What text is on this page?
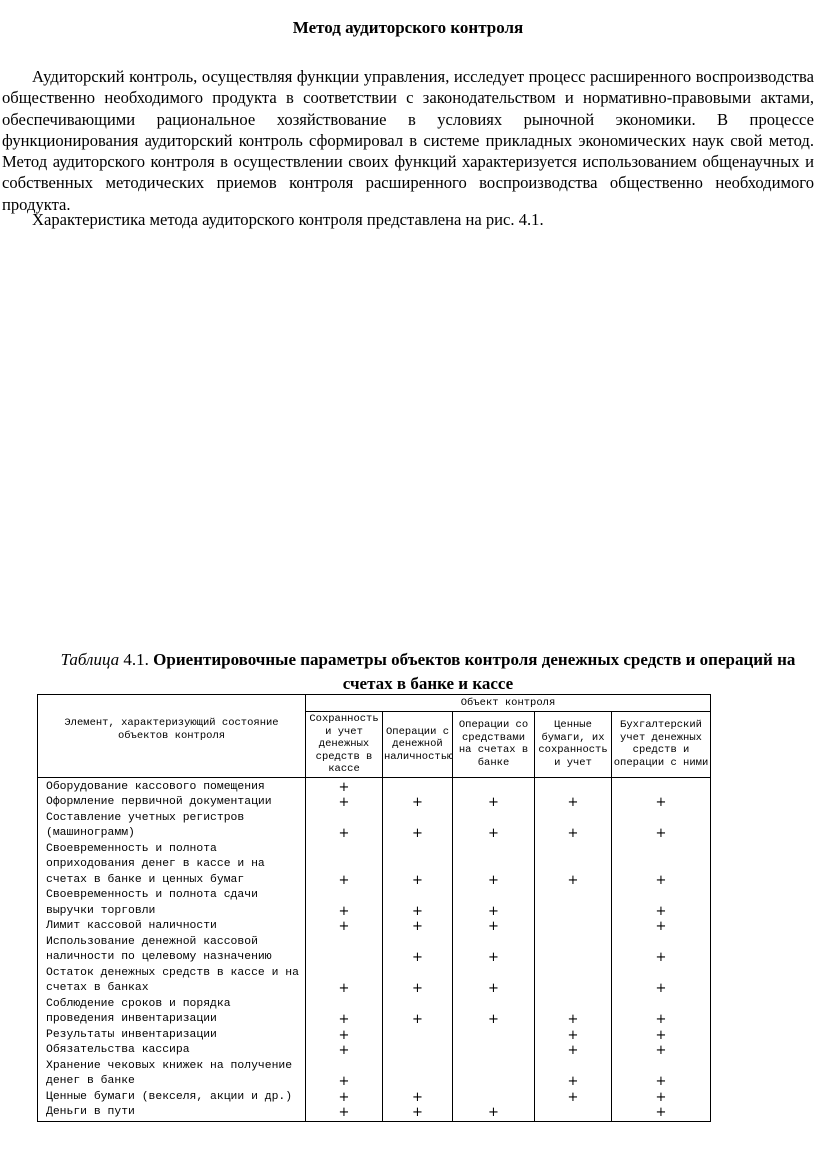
Метод аудиторского контроля

Аудиторский контроль, осуществляя функции управления, исследует процесс расширенного воспроизводства общественно необходимого продукта в соответствии с законодательством и нормативно-правовыми актами, обеспечивающими рациональное хозяйствование в условиях рыночной экономики. В процессе функционирования аудиторский контроль сформировал в системе прикладных экономических наук свой метод. Метод аудиторского контроля в осуществлении своих функций характеризуется использованием общенаучных и собственных методических приемов контроля расширенного воспроизводства общественно необходимого продукта.

Характеристика метода аудиторского контроля представлена на рис. 4.1.

Таблица 4.1. Ориентировочные параметры объектов контроля денежных средств и операций на счетах в банке и кассе
Элемент, характеризующий состояние объектов контроля	Объект контроля				
	Сохранность и учет денежных средств в кассе	Операции с денежной наличностью	Операции со средствами на счетах в банке	Ценные бумаги, их сохранность и учет	Бухгалтерский учет денежных средств и операции с ними
Оборудование кассового помещения	+				
Оформление первичной документации	+	+	+	+	+
Составление учетных регистров (машинограмм)	+	+	+	+	+
Своевременность и полнота оприходования денег в кассе и на счетах в банке и ценных бумаг	+	+	+	+	+
Своевременность и полнота сдачи выручки торговли	+	+	+		+
Лимит кассовой наличности	+	+	+		+
Использование денежной кассовой наличности по целевому назначению		+	+		+
Остаток денежных средств в кассе и на счетах в банках	+	+	+		+
Соблюдение сроков и порядка проведения инвентаризации	+	+	+	+	+
Результаты инвентаризации	+			+	+
Обязательства кассира	+			+	+
Хранение чековых книжек на получение денег в банке	+			+	+
Ценные бумаги (векселя, акции и др.)	+	+		+	+
Деньги в пути	+	+	+		+
